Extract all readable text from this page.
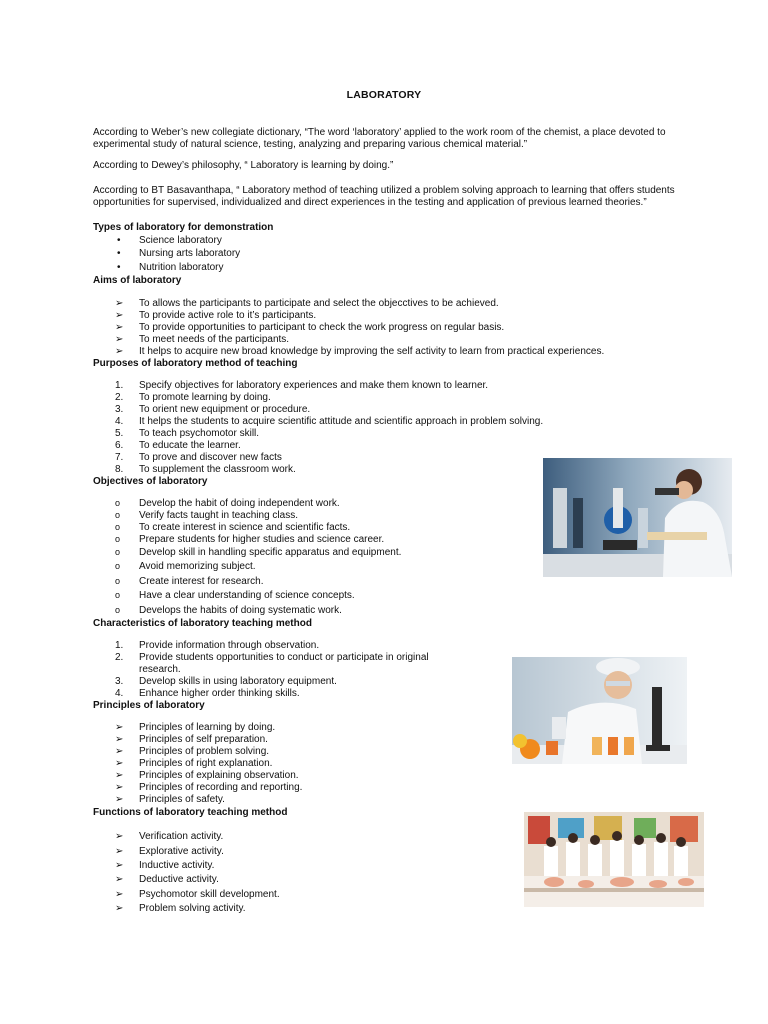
LABORATORY
According to Weber’s new collegiate dictionary, “The word ‘laboratory’ applied to the work room of the chemist, a place devoted to experimental study of natural science, testing, analyzing and preparing various chemical material.”
According to Dewey’s philosophy, “ Laboratory is learning by doing.”
According to BT Basavanthapa, “ Laboratory method of teaching utilized a problem solving approach to learning that offers students opportunities for supervised, individualized and direct experiences in the testing and application of previous learned theories.”
Types of laboratory for demonstration
•	Science laboratory
•	Nursing arts laboratory
•	Nutrition laboratory
Aims of laboratory
➢	To allows the participants to participate and select the objecctives to be achieved.
➢	To provide active role to it’s participants.
➢	To provide opportunities to participant to check the work progress on regular basis.
➢	To meet needs of the participants.
➢	It helps to acquire new broad knowledge by improving the self activity to learn from practical experiences.
Purposes of laboratory method of teaching
1.	Specify objectives for laboratory experiences and make them known to learner.
2.	To promote learning by doing.
3.	To orient new equipment or procedure.
4.	It helps the students to acquire scientific attitude and scientific approach in problem solving.
5.	To teach psychomotor skill.
6.	To educate the learner.
7.	To prove and discover new facts
8.	To supplement the classroom work.
Objectives of laboratory
o	Develop the habit of doing independent work.
o	Verify facts taught in teaching class.
o	To create interest in science and scientific facts.
o	Prepare students for higher studies and science career.
o	Develop skill in handling specific apparatus and equipment.
o	Avoid memorizing subject.
o	Create interest for research.
o	Have a clear understanding of science concepts.
o	Develops the habits of doing systematic work.
Characteristics of laboratory teaching method
1.	Provide information through observation.
2.	Provide students opportunities to conduct or participate in original research.
3.	Develop skills in using laboratory equipment.
4.	Enhance higher order thinking skills.
Principles of laboratory
➢	Principles of learning by doing.
➢	Principles of self preparation.
➢	Principles of problem solving.
➢	Principles of right explanation.
➢	Principles of explaining observation.
➢	Principles of recording and reporting.
➢	Principles of safety.
Functions of laboratory teaching method
➢	Verification activity.
➢	Explorative activity.
➢	Inductive activity.
➢	Deductive activity.
➢	Psychomotor skill development.
➢	Problem solving activity.
